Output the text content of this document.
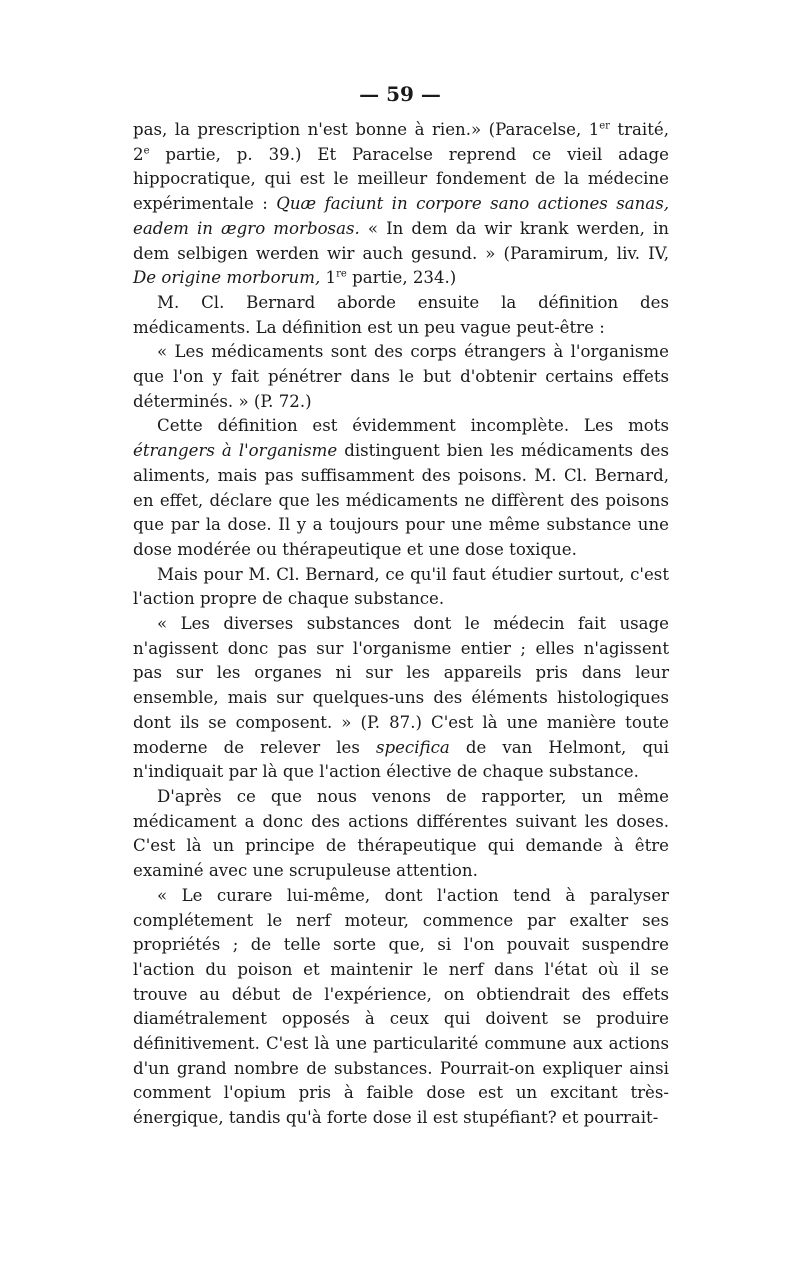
— 59 —

pas, la prescription n'est bonne à rien.» (Paracelse, 1er traité, 2e partie, p. 39.) Et Paracelse reprend ce vieil adage hippocratique, qui est le meilleur fondement de la médecine expérimentale : Quæ faciunt in corpore sano actiones sanas, eadem in ægro morbosas. « In dem da wir krank werden, in dem selbigen werden wir auch gesund. » (Paramirum, liv. IV, De origine morborum, 1re partie, 234.)

M. Cl. Bernard aborde ensuite la définition des médicaments. La définition est un peu vague peut-être :

« Les médicaments sont des corps étrangers à l'organisme que l'on y fait pénétrer dans le but d'obtenir certains effets déterminés. » (P. 72.)

Cette définition est évidemment incomplète. Les mots étrangers à l'organisme distinguent bien les médicaments des aliments, mais pas suffisamment des poisons. M. Cl. Bernard, en effet, déclare que les médicaments ne diffèrent des poisons que par la dose. Il y a toujours pour une même substance une dose modérée ou thérapeutique et une dose toxique.

Mais pour M. Cl. Bernard, ce qu'il faut étudier surtout, c'est l'action propre de chaque substance.

« Les diverses substances dont le médecin fait usage n'agissent donc pas sur l'organisme entier ; elles n'agissent pas sur les organes ni sur les appareils pris dans leur ensemble, mais sur quelques-uns des éléments histologiques dont ils se composent. » (P. 87.) C'est là une manière toute moderne de relever les specifica de van Helmont, qui n'indiquait par là que l'action élective de chaque substance.

D'après ce que nous venons de rapporter, un même médicament a donc des actions différentes suivant les doses. C'est là un principe de thérapeutique qui demande à être examiné avec une scrupuleuse attention.

« Le curare lui-même, dont l'action tend à paralyser complétement le nerf moteur, commence par exalter ses propriétés ; de telle sorte que, si l'on pouvait suspendre l'action du poison et maintenir le nerf dans l'état où il se trouve au début de l'expérience, on obtiendrait des effets diamétralement opposés à ceux qui doivent se produire définitivement. C'est là une particularité commune aux actions d'un grand nombre de substances. Pourrait-on expliquer ainsi comment l'opium pris à faible dose est un excitant très-énergique, tandis qu'à forte dose il est stupéfiant? et pourrait-
